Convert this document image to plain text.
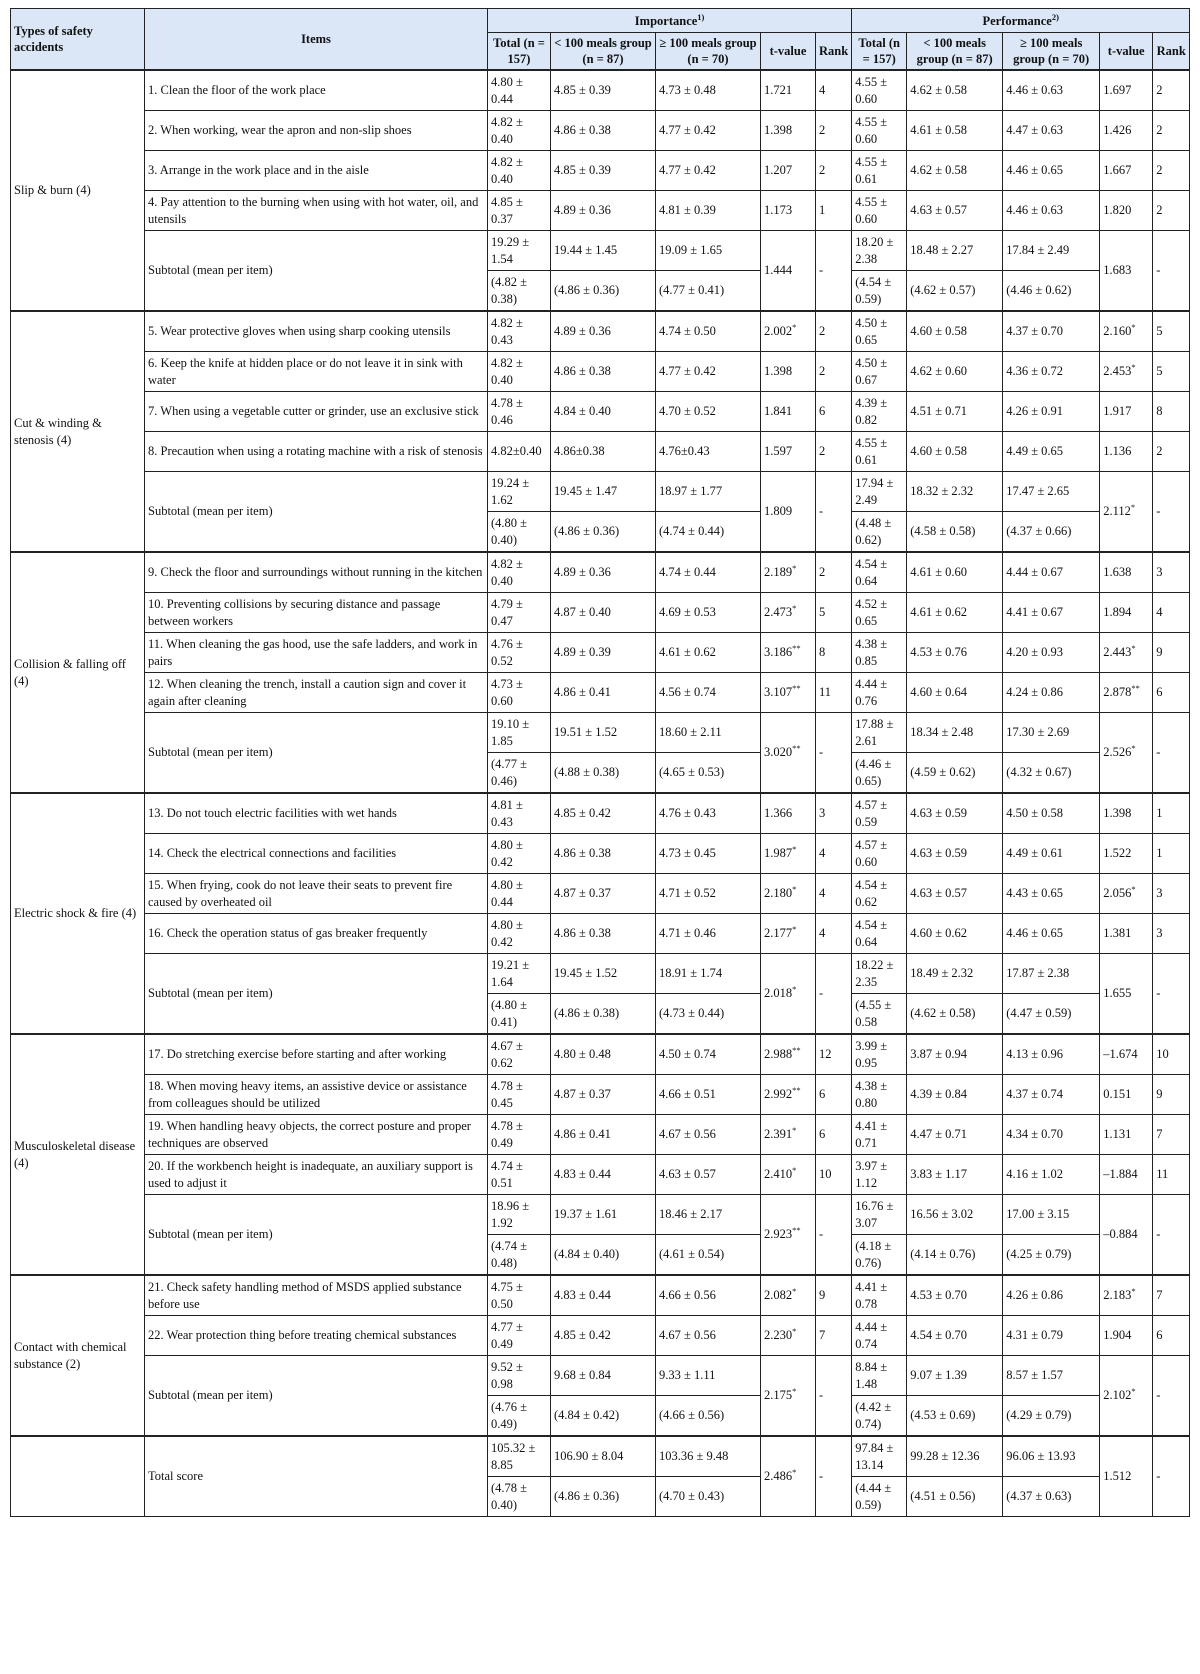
Types of safety accidents	Items	Importance$^{1)}$					Performance$^{2)}$
		Total (n = 157)	< 100 meals group (n = 87)	≥ 100 meals group (n = 70)	t-value	Rank	Total (n = 157)	< 100 meals group (n = 87)	≥ 100 meals group (n = 70)	t-value	Rank
Slip & burn (4)	1. Clean the floor of the work place	4.80 ± 0.44	4.85 ± 0.39	4.73 ± 0.48	1.721	4	4.55 ± 0.60	4.62 ± 0.58	4.46 ± 0.63	1.697	2
	2. When working, wear the apron and non-slip shoes	4.82 ± 0.40	4.86 ± 0.38	4.77 ± 0.42	1.398	2	4.55 ± 0.60	4.61 ± 0.58	4.47 ± 0.63	1.426	2
	3. Arrange in the work place and in the aisle	4.82 ± 0.40	4.85 ± 0.39	4.77 ± 0.42	1.207	2	4.55 ± 0.61	4.62 ± 0.58	4.46 ± 0.65	1.667	2
	4. Pay attention to the burning when using with hot water, oil, and utensils	4.85 ± 0.37	4.89 ± 0.36	4.81 ± 0.39	1.173	1	4.55 ± 0.60	4.63 ± 0.57	4.46 ± 0.63	1.820	2
	Subtotal (mean per item)	19.29 ± 1.54	19.44 ± 1.45	19.09 ± 1.65	1.444	-	18.20 ± 2.38	18.48 ± 2.27	17.84 ± 2.49	1.683	-
		(4.82 ± 0.38)	(4.86 ± 0.36)	(4.77 ± 0.41)			(4.54 ± 0.59)	(4.62 ± 0.57)	(4.46 ± 0.62)		
Cut & winding & stenosis (4)	5. Wear protective gloves when using sharp cooking utensils	4.82 ± 0.43	4.89 ± 0.36	4.74 ± 0.50	2.002*	2	4.50 ± 0.65	4.60 ± 0.58	4.37 ± 0.70	2.160*	5
	6. Keep the knife at hidden place or do not leave it in sink with water	4.82 ± 0.40	4.86 ± 0.38	4.77 ± 0.42	1.398	2	4.50 ± 0.67	4.62 ± 0.60	4.36 ± 0.72	2.453*	5
	7. When using a vegetable cutter or grinder, use an exclusive stick	4.78 ± 0.46	4.84 ± 0.40	4.70 ± 0.52	1.841	6	4.39 ± 0.82	4.51 ± 0.71	4.26 ± 0.91	1.917	8
	8. Precaution when using a rotating machine with a risk of stenosis	4.82±0.40	4.86±0.38	4.76±0.43	1.597	2	4.55 ± 0.61	4.60 ± 0.58	4.49 ± 0.65	1.136	2
	Subtotal (mean per item)	19.24 ± 1.62	19.45 ± 1.47	18.97 ± 1.77	1.809	-	17.94 ± 2.49	18.32 ± 2.32	17.47 ± 2.65	2.112*	-
		(4.80 ± 0.40)	(4.86 ± 0.36)	(4.74 ± 0.44)			(4.48 ± 0.62)	(4.58 ± 0.58)	(4.37 ± 0.66)		
Collision & falling off (4)	9. Check the floor and surroundings without running in the kitchen	4.82 ± 0.40	4.89 ± 0.36	4.74 ± 0.44	2.189*	2	4.54 ± 0.64	4.61 ± 0.60	4.44 ± 0.67	1.638	3
	10. Preventing collisions by securing distance and passage between workers	4.79 ± 0.47	4.87 ± 0.40	4.69 ± 0.53	2.473*	5	4.52 ± 0.65	4.61 ± 0.62	4.41 ± 0.67	1.894	4
	11. When cleaning the gas hood, use the safe ladders, and work in pairs	4.76 ± 0.52	4.89 ± 0.39	4.61 ± 0.62	3.186**	8	4.38 ± 0.85	4.53 ± 0.76	4.20 ± 0.93	2.443*	9
	12. When cleaning the trench, install a caution sign and cover it again after cleaning	4.73 ± 0.60	4.86 ± 0.41	4.56 ± 0.74	3.107**	11	4.44 ± 0.76	4.60 ± 0.64	4.24 ± 0.86	2.878**	6
	Subtotal (mean per item)	19.10 ± 1.85	19.51 ± 1.52	18.60 ± 2.11	3.020**	-	17.88 ± 2.61	18.34 ± 2.48	17.30 ± 2.69	2.526*	-
		(4.77 ± 0.46)	(4.88 ± 0.38)	(4.65 ± 0.53)			(4.46 ± 0.65)	(4.59 ± 0.62)	(4.32 ± 0.67)		
Electric shock & fire (4)	13. Do not touch electric facilities with wet hands	4.81 ± 0.43	4.85 ± 0.42	4.76 ± 0.43	1.366	3	4.57 ± 0.59	4.63 ± 0.59	4.50 ± 0.58	1.398	1
	14. Check the electrical connections and facilities	4.80 ± 0.42	4.86 ± 0.38	4.73 ± 0.45	1.987*	4	4.57 ± 0.60	4.63 ± 0.59	4.49 ± 0.61	1.522	1
	15. When frying, cook do not leave their seats to prevent fire caused by overheated oil	4.80 ± 0.44	4.87 ± 0.37	4.71 ± 0.52	2.180*	4	4.54 ± 0.62	4.63 ± 0.57	4.43 ± 0.65	2.056*	3
	16. Check the operation status of gas breaker frequently	4.80 ± 0.42	4.86 ± 0.38	4.71 ± 0.46	2.177*	4	4.54 ± 0.64	4.60 ± 0.62	4.46 ± 0.65	1.381	3
	Subtotal (mean per item)	19.21 ± 1.64	19.45 ± 1.52	18.91 ± 1.74	2.018*	-	18.22 ± 2.35	18.49 ± 2.32	17.87 ± 2.38	1.655	-
		(4.80 ± 0.41)	(4.86 ± 0.38)	(4.73 ± 0.44)			(4.55 ± 0.58	(4.62 ± 0.58)	(4.47 ± 0.59)		
Musculoskeletal disease (4)	17. Do stretching exercise before starting and after working	4.67 ± 0.62	4.80 ± 0.48	4.50 ± 0.74	2.988**	12	3.99 ± 0.95	3.87 ± 0.94	4.13 ± 0.96	–1.674	10
	18. When moving heavy items, an assistive device or assistance from colleagues should be utilized	4.78 ± 0.45	4.87 ± 0.37	4.66 ± 0.51	2.992**	6	4.38 ± 0.80	4.39 ± 0.84	4.37 ± 0.74	0.151	9
	19. When handling heavy objects, the correct posture and proper techniques are observed	4.78 ± 0.49	4.86 ± 0.41	4.67 ± 0.56	2.391*	6	4.41 ± 0.71	4.47 ± 0.71	4.34 ± 0.70	1.131	7
	20. If the workbench height is inadequate, an auxiliary support is used to adjust it	4.74 ± 0.51	4.83 ± 0.44	4.63 ± 0.57	2.410*	10	3.97 ± 1.12	3.83 ± 1.17	4.16 ± 1.02	–1.884	11
	Subtotal (mean per item)	18.96 ± 1.92	19.37 ± 1.61	18.46 ± 2.17	2.923**	-	16.76 ± 3.07	16.56 ± 3.02	17.00 ± 3.15	–0.884	-
		(4.74 ± 0.48)	(4.84 ± 0.40)	(4.61 ± 0.54)			(4.18 ± 0.76)	(4.14 ± 0.76)	(4.25 ± 0.79)		
Contact with chemical substance (2)	21. Check safety handling method of MSDS applied substance before use	4.75 ± 0.50	4.83 ± 0.44	4.66 ± 0.56	2.082*	9	4.41 ± 0.78	4.53 ± 0.70	4.26 ± 0.86	2.183*	7
	22. Wear protection thing before treating chemical substances	4.77 ± 0.49	4.85 ± 0.42	4.67 ± 0.56	2.230*	7	4.44 ± 0.74	4.54 ± 0.70	4.31 ± 0.79	1.904	6
	Subtotal (mean per item)	9.52 ± 0.98	9.68 ± 0.84	9.33 ± 1.11	2.175*	-	8.84 ± 1.48	9.07 ± 1.39	8.57 ± 1.57	2.102*	-
		(4.76 ± 0.49)	(4.84 ± 0.42)	(4.66 ± 0.56)			(4.42 ± 0.74)	(4.53 ± 0.69)	(4.29 ± 0.79)		
	Total score	105.32 ± 8.85	106.90 ± 8.04	103.36 ± 9.48	2.486*	-	97.84 ± 13.14	99.28 ± 12.36	96.06 ± 13.93	1.512	-
		(4.78 ± 0.40)	(4.86 ± 0.36)	(4.70 ± 0.43)			(4.44 ± 0.59)	(4.51 ± 0.56)	(4.37 ± 0.63)		
